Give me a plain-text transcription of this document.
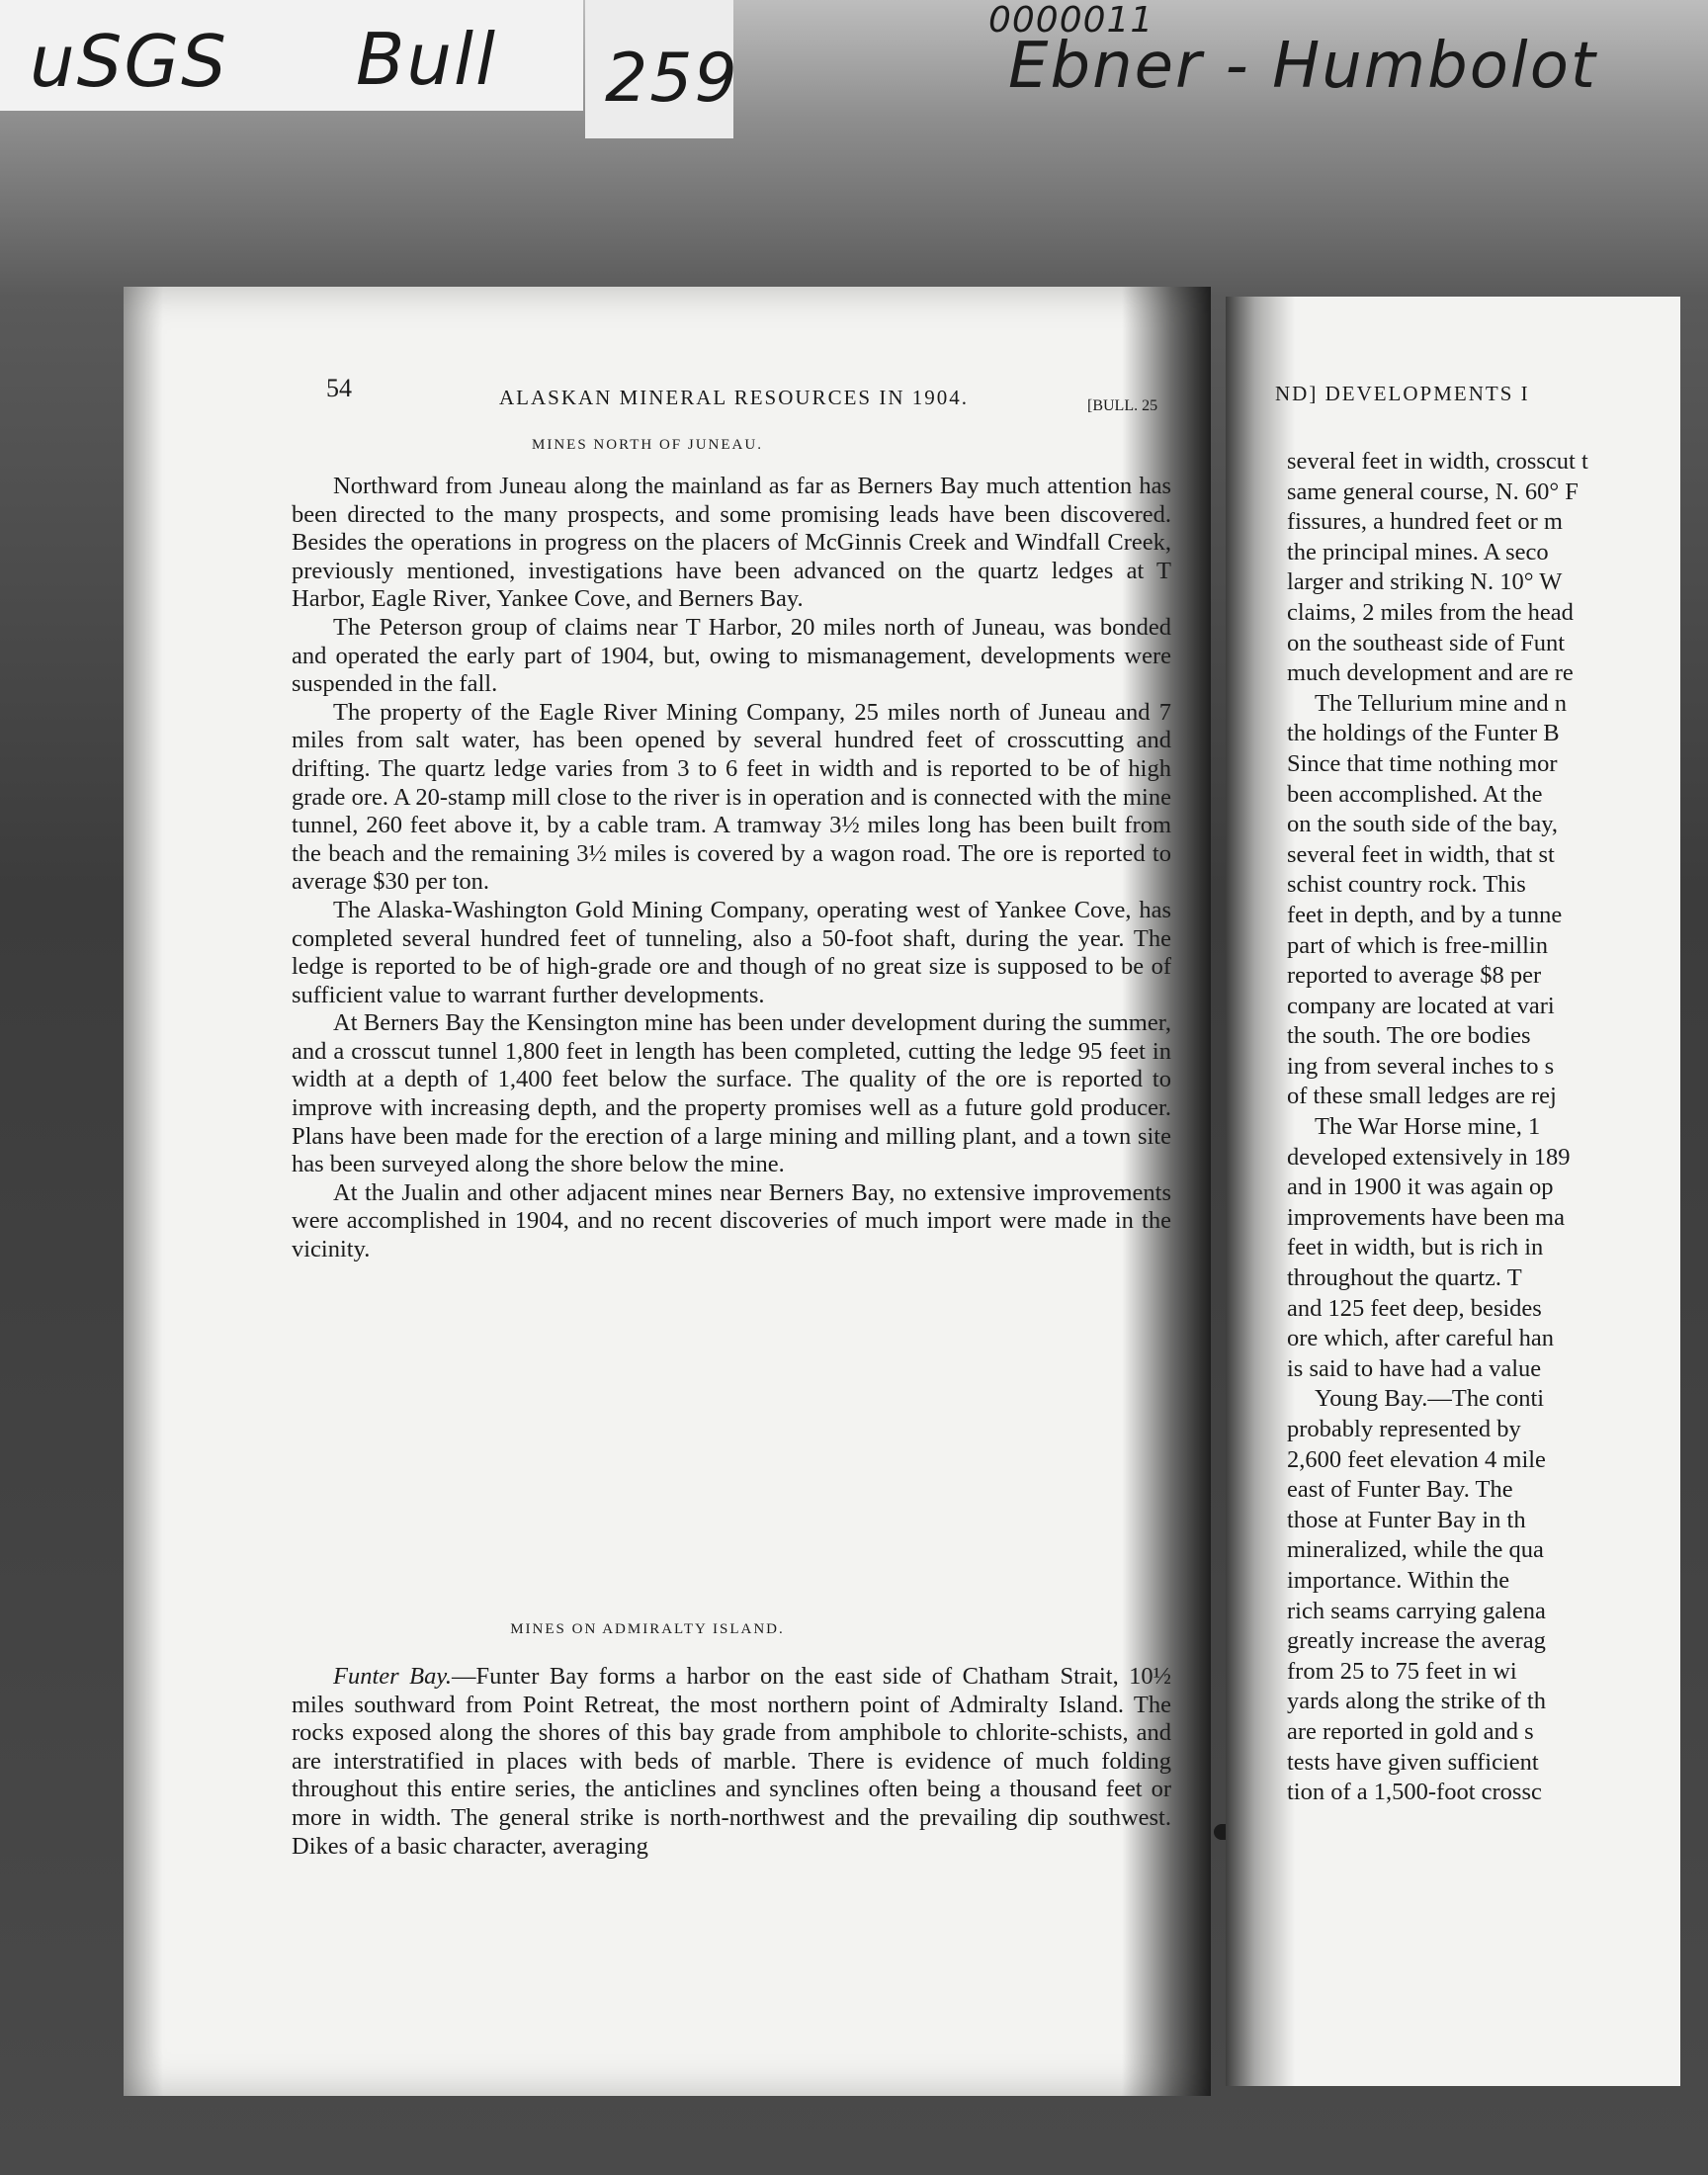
uSGS Bull 259
0000011
Ebner - Humbolot
54	ALASKAN MINERAL RESOURCES IN 1904.	[BULL. 25

MINES NORTH OF JUNEAU.

Northward from Juneau along the mainland as far as Berners Bay much attention has been directed to the many prospects, and some promising leads have been discovered. Besides the operations in progress on the placers of McGinnis Creek and Windfall Creek, previously mentioned, investigations have been advanced on the quartz ledges at T Harbor, Eagle River, Yankee Cove, and Berners Bay.

The Peterson group of claims near T Harbor, 20 miles north of Juneau, was bonded and operated the early part of 1904, but, owing to mismanagement, developments were suspended in the fall.

The property of the Eagle River Mining Company, 25 miles north of Juneau and 7 miles from salt water, has been opened by several hundred feet of crosscutting and drifting. The quartz ledge varies from 3 to 6 feet in width and is reported to be of high grade ore. A 20-stamp mill close to the river is in operation and is connected with the mine tunnel, 260 feet above it, by a cable tram. A tramway 3½ miles long has been built from the beach and the remaining 3½ miles is covered by a wagon road. The ore is reported to average $30 per ton.

The Alaska-Washington Gold Mining Company, operating west of Yankee Cove, has completed several hundred feet of tunneling, also a 50-foot shaft, during the year. The ledge is reported to be of high-grade ore and though of no great size is supposed to be of sufficient value to warrant further developments.

At Berners Bay the Kensington mine has been under development during the summer, and a crosscut tunnel 1,800 feet in length has been completed, cutting the ledge 95 feet in width at a depth of 1,400 feet below the surface. The quality of the ore is reported to improve with increasing depth, and the property promises well as a future gold producer. Plans have been made for the erection of a large mining and milling plant, and a town site has been surveyed along the shore below the mine.

At the Jualin and other adjacent mines near Berners Bay, no extensive improvements were accomplished in 1904, and no recent discoveries of much import were made in the vicinity.

MINES ON ADMIRALTY ISLAND.

Funter Bay.—Funter Bay forms a harbor on the east side of Chatham Strait, 10½ miles southward from Point Retreat, the most northern point of Admiralty Island. The rocks exposed along the shores of this bay grade from amphibole to chlorite-schists, and are interstratified in places with beds of marble. There is evidence of much folding throughout this entire series, the anticlines and synclines often being a thousand feet or more in width. The general strike is north-northwest and the prevailing dip southwest. Dikes of a basic character, averaging

ND] DEVELOPMENTS I
several feet in width, crosscut t
same general course, N. 60° F
fissures, a hundred feet or m
the principal mines. A seco
larger and striking N. 10° W
claims, 2 miles from the head
on the southeast side of Funt
much development and are re
The Tellurium mine and n
the holdings of the Funter B
Since that time nothing mor
been accomplished. At the
on the south side of the bay,
several feet in width, that st
schist country rock. This
feet in depth, and by a tunne
part of which is free-millin
reported to average $8 per
company are located at vari
the south. The ore bodies
ing from several inches to s
of these small ledges are rej
The War Horse mine, 1
developed extensively in 189
and in 1900 it was again op
improvements have been ma
feet in width, but is rich in
throughout the quartz. T
and 125 feet deep, besides
ore which, after careful han
is said to have had a value
Young Bay.—The conti
probably represented by
2,600 feet elevation 4 mile
east of Funter Bay. The
those at Funter Bay in th
mineralized, while the qua
importance. Within the
rich seams carrying galena
greatly increase the averag
from 25 to 75 feet in wi
yards along the strike of th
are reported in gold and s
tests have given sufficient
tion of a 1,500-foot crossc
